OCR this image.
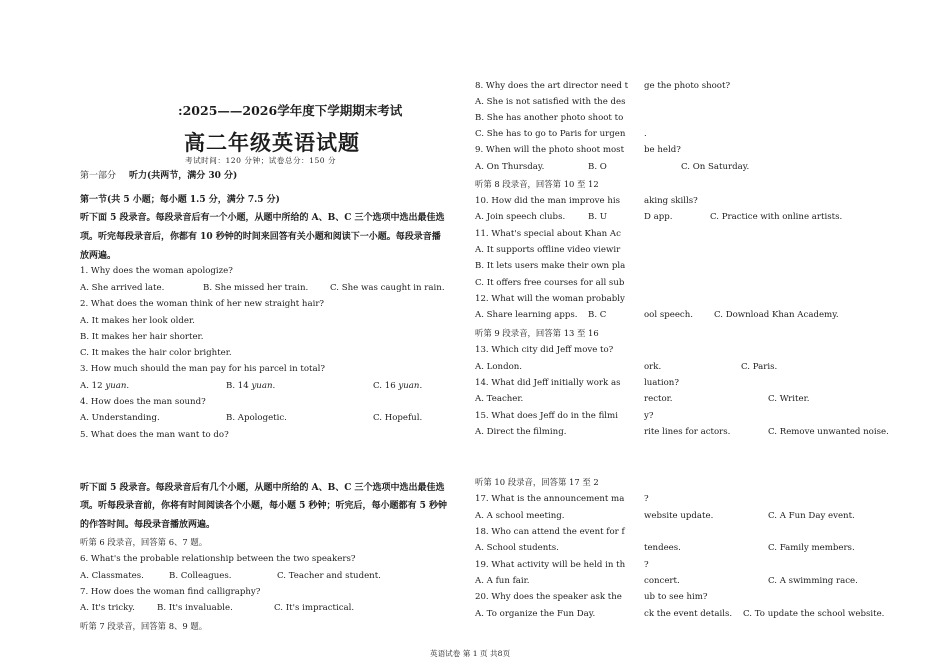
:2025——2026学年度下学期期末考试
高二年级英语试题
考试时间：120 分钟；试卷总分：150 分
第一部分 听力(共两节，满分 30 分)
第一节(共 5 小题；每小题 1.5 分，满分 7.5 分)
听下面 5 段录音。每段录音后有一个小题，从题中所给的 A、B、C 三个选项中选出最佳选
项。听完每段录音后，你都有 10 秒钟的时间来回答有关小题和阅读下一小题。每段录音播
放两遍。
1. Why does the woman apologize?
A. She arrived late.	B. She missed her train.	C. She was caught in rain.
2. What does the woman think of her new straight hair?
A. It makes her look older.
B. It makes her hair shorter.
C. It makes the hair color brighter.
3. How much should the man pay for his parcel in total?
A. 12 yuan.	B. 14 yuan.	C. 16 yuan.
4. How does the man sound?
A. Understanding.	B. Apologetic.	C. Hopeful.
5. What does the man want to do?
听下面 5 段录音。每段录音后有几个小题，从题中所给的 A、B、C 三个选项中选出最佳选
项。听每段录音前，你将有时间阅读各个小题，每小题 5 秒钟；听完后，每小题都有 5 秒钟
的作答时间。每段录音播放两遍。
听第 6 段录音，回答第 6、7 题。
6. What's the probable relationship between the two speakers?
A. Classmates.	B. Colleagues.	C. Teacher and student.
7. How does the woman find calligraphy?
A. It's tricky.	B. It's invaluable.	C. It's impractical.
听第 7 段录音，回答第 8、9 题。
8. Why does the art director need t ge the photo shoot?
A. She is not satisfied with the des
B. She has another photo shoot to
C. She has to go to Paris for urgen .
9. When will the photo shoot most be held?
A. On Thursday.	B. O	C. On Saturday.
听第 8 段录音，回答第 10 至 12
10. How did the man improve his	aking skills?
A. Join speech clubs.	B. U	D app.	C. Practice with online artists.
11. What's special about Khan Ac
A. It supports offline video viewir
B. It lets users make their own pla
C. It offers free courses for all sub
12. What will the woman probably
A. Share learning apps. B. C	ool speech. C. Download Khan Academy.
听第 9 段录音，回答第 13 至 16
13. Which city did Jeff move to?
A. London.	ork.	C. Paris.
14. What did Jeff initially work as	luation?
A. Teacher.	rector.	C. Writer.
15. What does Jeff do in the filmi	y?
A. Direct the filming.	rite lines for actors.	C. Remove unwanted noise.
听第 10 段录音，回答第 17 至 2
17. What is the announcement ma ?
A. A school meeting.	website update.	C. A Fun Day event.
18. Who can attend the event for f
A. School students.	tendees.	C. Family members.
19. What activity will be held in th ?
A. A fun fair.	concert.	C. A swimming race.
20. Why does the speaker ask the	ub to see him?
A. To organize the Fun Day.	ck the event details. C. To update the school website.
英语试卷 第 1 页 共8页
